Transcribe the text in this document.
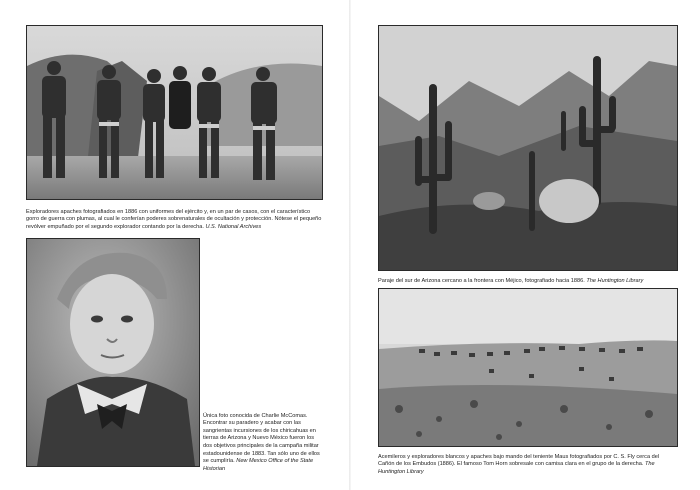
Exploradores apaches fotografiados en 1886 con uniformes del ejército y, en un par de casos, con el característico gorro de guerra con plumas, al cual le conferían poderes sobrenaturales de ocultación y protección. Nótese el pequeño revólver empuñado por el segundo explorador contando por la derecha. U.S. National Archives

Única foto conocida de Charlie McComas. Encontrar su paradero y acabar con las sangrientas incursiones de los chiricahuas en tierras de Arizona y Nuevo México fueron los dos objetivos principales de la campaña militar estadounidense de 1883. Tan sólo uno de ellos se cumpliría. New Mexico Office of the State Historian

Paraje del sur de Arizona cercano a la frontera con Méjico, fotografiado hacia 1886. The Huntington Library

Acemileros y exploradores blancos y apaches bajo mando del teniente Maus fotografiados por C. S. Fly cerca del Cañón de los Embudos (1886). El famoso Tom Horn sobresale con camisa clara en el grupo de la derecha. The Huntington Library
